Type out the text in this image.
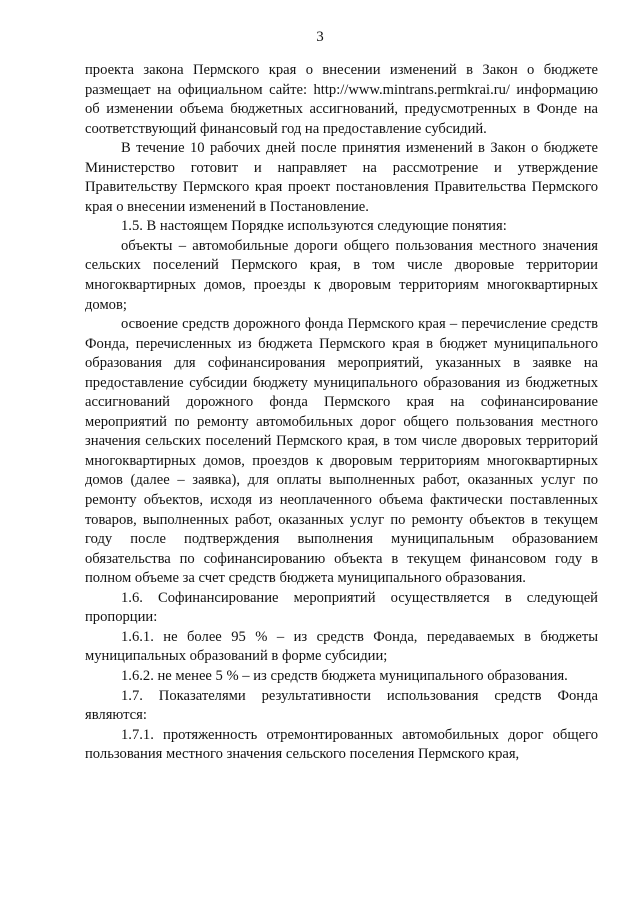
3

проекта закона Пермского края о внесении изменений в Закон о бюджете размещает на официальном сайте: http://www.mintrans.permkrai.ru/ информацию об изменении объема бюджетных ассигнований, предусмотренных в Фонде на соответствующий финансовый год на предоставление субсидий.

В течение 10 рабочих дней после принятия изменений в Закон о бюджете Министерство готовит и направляет на рассмотрение и утверждение Правительству Пермского края проект постановления Правительства Пермского края о внесении изменений в Постановление.

1.5. В настоящем Порядке используются следующие понятия:

объекты – автомобильные дороги общего пользования местного значения сельских поселений Пермского края, в том числе дворовые территории многоквартирных домов, проезды к дворовым территориям многоквартирных домов;

освоение средств дорожного фонда Пермского края – перечисление средств Фонда, перечисленных из бюджета Пермского края в бюджет муниципального образования для софинансирования мероприятий, указанных в заявке на предоставление субсидии бюджету муниципального образования из бюджетных ассигнований дорожного фонда Пермского края на софинансирование мероприятий по ремонту автомобильных дорог общего пользования местного значения сельских поселений Пермского края, в том числе дворовых территорий многоквартирных домов, проездов к дворовым территориям многоквартирных домов (далее – заявка), для оплаты выполненных работ, оказанных услуг по ремонту объектов, исходя из неоплаченного объема фактически поставленных товаров, выполненных работ, оказанных услуг по ремонту объектов в текущем году после подтверждения выполнения муниципальным образованием обязательства по софинансированию объекта в текущем финансовом году в полном объеме за счет средств бюджета муниципального образования.

1.6. Софинансирование мероприятий осуществляется в следующей пропорции:

1.6.1. не более 95 % – из средств Фонда, передаваемых в бюджеты муниципальных образований в форме субсидии;

1.6.2. не менее 5 % – из средств бюджета муниципального образования.

1.7. Показателями результативности использования средств Фонда являются:

1.7.1. протяженность отремонтированных автомобильных дорог общего пользования местного значения сельского поселения Пермского края,
